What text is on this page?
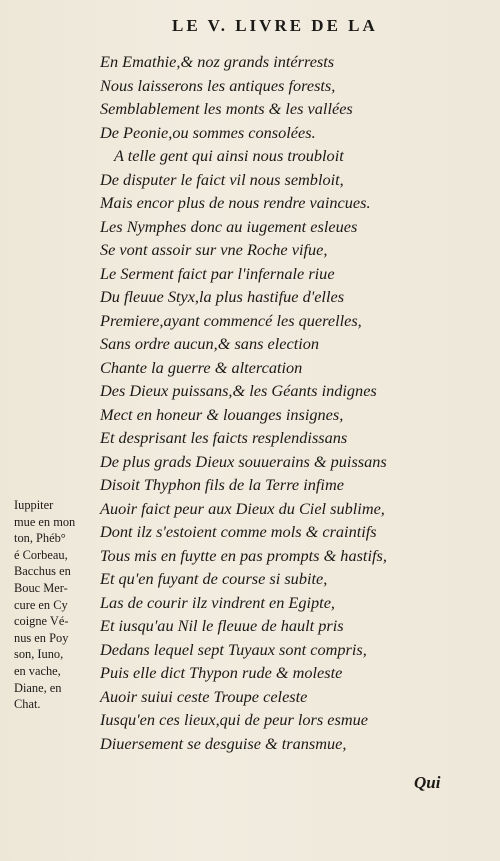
LE V. LIVRE DE LA
En Emathie,& noz grands intérrests
Nous laisserons les antiques forests,
Semblablement les monts & les vallées
De Peonie,ou sommes consolées.
A telle gent qui ainsi nous troubloit
De disputer le faict vil nous sembloit,
Mais encor plus de nous rendre vaincues.
Les Nymphes donc au iugement esleues
Se vont assoir sur vne Roche vifue,
Le Serment faict par l'infernale riue
Du fleuue Styx,la plus hastifue d'elles
Premiere,ayant commencé les querelles,
Sans ordre aucun,& sans election
Chante la guerre & altercation
Des Dieux puissans,& les Géants indignes
Mect en honeur & louanges insignes,
Et desprisant les faicts resplendissans
De plus grads Dieux souuerains & puissans
Disoit Thyphon fils de la Terre infime
Auoir faict peur aux Dieux du Ciel sublime,
Dont ilz s'estoient comme mols & craintifs
Tous mis en fuytte en pas prompts & hastifs,
Et qu'en fuyant de course si subite,
Las de courir ilz vindrent en Egipte,
Et iusqu'au Nil le fleuue de hault pris
Dedans lequel sept Tuyaux sont compris,
Puis elle dict Thypon rude & moleste
Auoir suiui ceste Troupe celeste
Iusqu'en ces lieux,qui de peur lors esmue
Diuersement se desguise & transmue,
Iuppiter
mue en mon
ton, Phéb°
é Corbeau,
Bacchus en
Bouc Mer-
cure en Cy
coigne Vé-
nus en Poy
son, Iuno,
en vache,
Diane, en
Chat.
Qui
